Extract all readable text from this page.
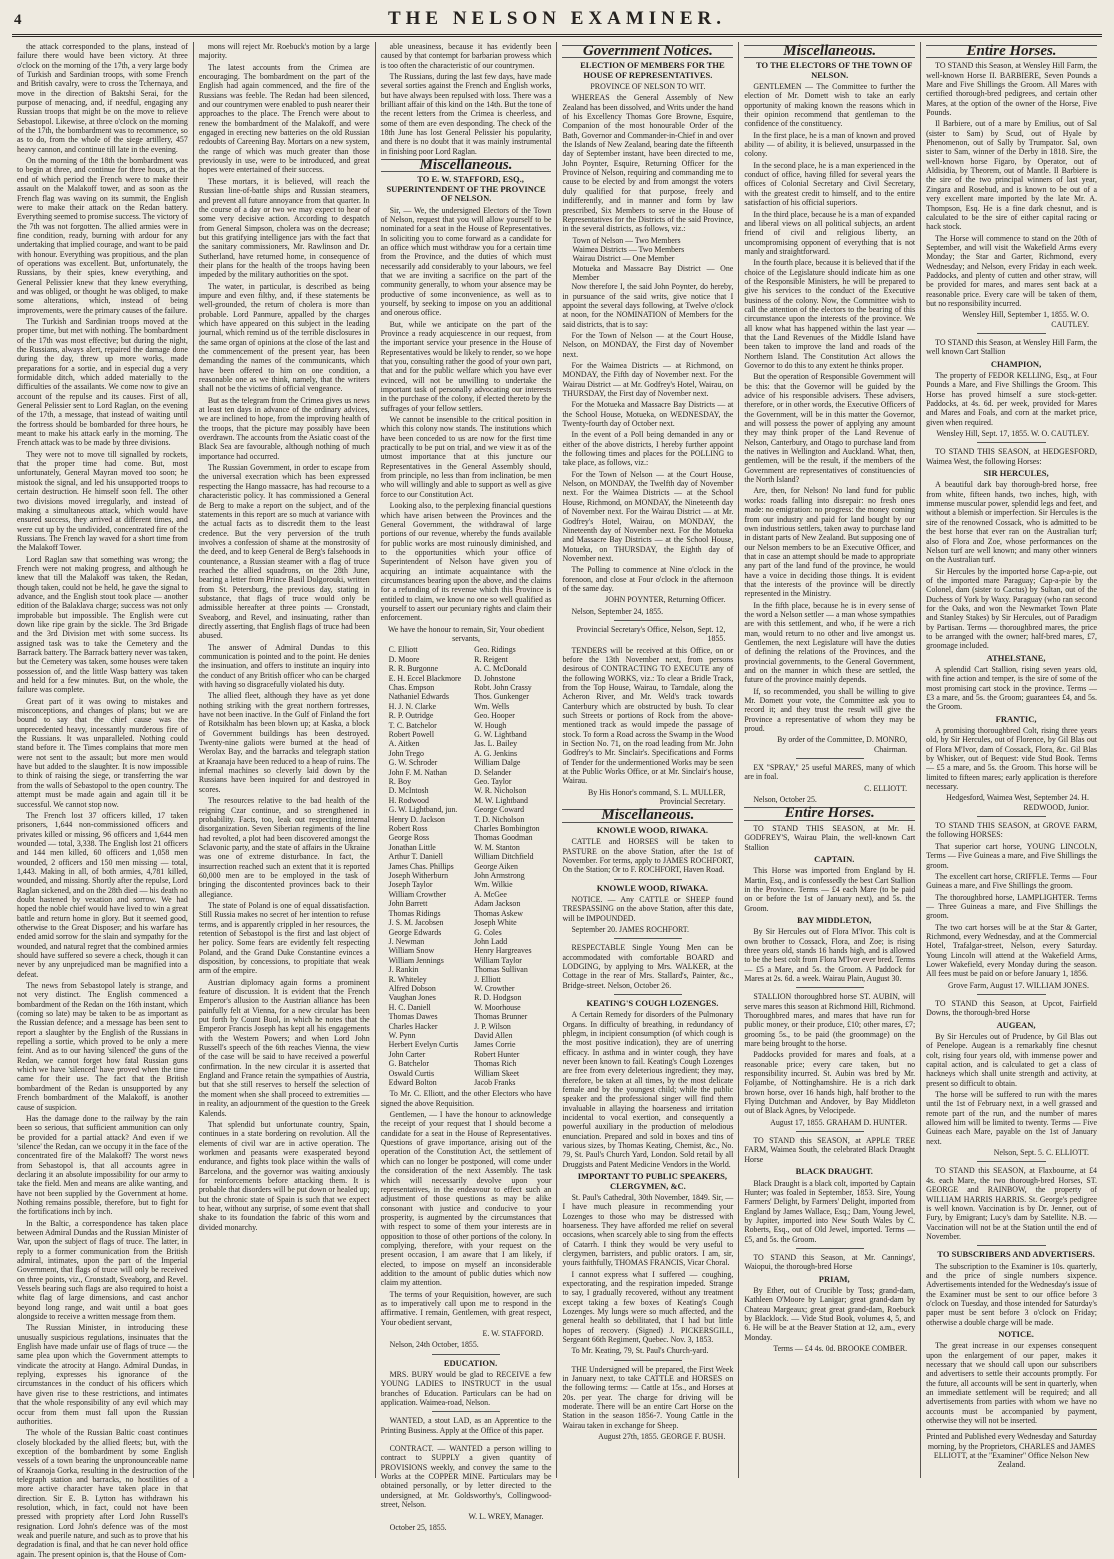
4	THE NELSON EXAMINER.

the attack corresponded to the plans, instead of failure there would have been victory. At three o'clock on the morning of the 17th, a very large body of Turkish and Sardinian troops, with some French and British cavalry, were to cross the Tchernaya, and move in the direction of Baktshi Serai, for the purpose of menacing, and, if needful, engaging any Russian troops that might be on the move to relieve Sebastopol. Likewise, at three o'clock on the morning of the 17th, the bombardment was to recommence, so as to do, from the whole of the siege artillery, 457 heavy cannon, and continue till late in the evening.

On the morning of the 18th the bombardment was to begin at three, and continue for three hours, at the end of which period the French were to make their assault on the Malakoff tower, and as soon as the French flag was waving on its summit, the English were to make their attack on the Redan battery. Everything seemed to promise success. The victory of the 7th was not forgotten. The allied armies were in fine condition, ready, burning with ardour for any undertaking that implied courage, and want to be paid with honour. Everything was propitious, and the plan of operations was excellent. But, unfortunately, the Russians, by their spies, knew everything, and General Pelissier knew that they knew everything, and was obliged, or thought he was obliged, to make some alterations, which, instead of being improvements, were the primary causes of the failure.

The Turkish and Sardinian troops moved at the proper time, but met with nothing. The bombardment of the 17th was most effective; but during the night, the Russians, always alert, repaired the damage done during the day, threw up more works, made preparations for a sortie, and in especial dug a very formidable ditch, which added materially to the difficulties of the assailants. We come now to give an account of the repulse and its causes. First of all, General Pelissier sent to Lord Raglan, on the evening of the 17th, a message, that instead of waiting until the fortress should be bombarded for three hours, he meant to make his attack early in the morning. The French attack was to be made by three divisions.

They were not to move till signalled by rockets, that the proper time had come. But, most unfortunately, General Mayran moved too soon; he mistook the signal, and led his unsupported troops to certain destruction. He himself soon fell. The other two divisions moved irregularly, and instead of making a simultaneous attack, which would have ensured success, they arrived at different times, and were cut up by the undivided, concentrated fire of the Russians. The French lay waved for a short time from the Malakoff Tower.

Lord Raglan saw that something was wrong; the French were not making progress, and although he knew that till the Malakoff was taken, the Redan, though taken, could not be held, he gave the signal to advance, and the English stout took place — another edition of the Balaklava charge; success was not only improbable but impossible. The English were cut down like ripe grain by the sickle. The 3rd Brigade and the 3rd Division met with some success. Its assigned task was to take the Cemetery and the Barrack battery. The Barrack battery never was taken, but the Cemetery was taken, some houses were taken possession of, and the little Wasp battery was taken and held for a few minutes. But, on the whole, the failure was complete.

Great part of it was owing to mistakes and misconceptions, and changes of plans; but we are bound to say that the chief cause was the unprecedented heavy, incessantly murderous fire of the Russians. It was unparalleled. Nothing could stand before it. The Times complains that more men were not sent to the assault; but more men would have but added to the slaughter. It is now impossible to think of raising the siege, or transferring the war from the walls of Sebastopol to the open country. The attempt must be made again and again till it be successful. We cannot stop now.

The French lost 37 officers killed, 17 taken prisoners, 1,644 non-commissioned officers and privates killed or missing, 96 officers and 1,644 men wounded — total, 3,338. The English lost 21 officers and 144 men killed, 60 officers and 1,058 men wounded, 2 officers and 150 men missing — total, 1,443. Making in all, of both armies, 4,781 killed, wounded, and missing. Shortly after the repulse, Lord Raglan sickened, and on the 28th died — his death no doubt hastened by vexation and sorrow. We had hoped the noble chief would have lived to win a great battle and return home in glory. But it seemed good, otherwise to the Great Disposer; and his warfare has ended amid sorrow for the slain and sympathy for the wounded, and natural regret that the combined armies should have suffered so severe a check, though it can never by any unprejudiced man be magnified into a defeat.

The news from Sebastopol lately is strange, and not very distinct. The English commenced a bombardment of the Redan on the 16th instant, which (coming so late) may be taken to be as important as the Russian defence; and a message has been sent to report a slaughter by the English of the Russians in repelling a sortie, which proved to be only a mere feint. And as to our having 'silenced' the guns of the Redan, we cannot forget how fatal Russian guns which we have 'silenced' have proved when the time came for their use. The fact that the British bombardment of the Redan is unsupported by any French bombardment of the Malakoff, is another cause of suspicion.

Has the damage done to the railway by the rain been so serious, that sufficient ammunition can only be provided for a partial attack? And even if we 'silence' the Redan, can we occupy it in the face of the concentrated fire of the Malakoff? The worst news from Sebastopol is, that all accounts agree in declaring it an absolute impossibility for our army to take the field. Men and means are alike wanting, and have not been supplied by the Government at home. Nothing remains possible, therefore, but to fight for the fortifications inch by inch.

In the Baltic, a correspondence has taken place between Admiral Dundas and the Russian Minister of War, upon the subject of flags of truce. The latter, in reply to a former communication from the British admiral, intimates, upon the part of the Imperial Government, that flags of truce will only be received on three points, viz., Cronstadt, Sveaborg, and Revel. Vessels bearing such flags are also required to hoist a white flag of large dimensions, and cast anchor beyond long range, and wait until a boat goes alongside to receive a written message from them.

The Russian Minister, in introducing these unusually suspicious regulations, insinuates that the English have made unfair use of flags of truce — the same plea upon which the Government attempts to vindicate the atrocity at Hango. Admiral Dundas, in replying, expresses his ignorance of the circumstances in the conduct of his officers which have given rise to these restrictions, and intimates that the whole responsibility of any evil which may occur from them must fall upon the Russian authorities.

The whole of the Russian Baltic coast continues closely blockaded by the allied fleets; but, with the exception of the bombardment by some English vessels of a town bearing the unpronounceable name of Kraanoja Gorka, resulting in the destruction of the telegraph station and barracks, no hostilities of a more active character have taken place in that direction. Sir E. B. Lytton has withdrawn his resolution, which, in fact, could not have been pressed with propriety after Lord John Russell's resignation. Lord John's defence was of the most weak and puerile nature, and such as to prove that his degradation is final, and that he can never hold office again. The present opinion is, that the House of Com-

mons will reject Mr. Roebuck's motion by a large majority.

The latest accounts from the Crimea are encouraging. The bombardment on the part of the English had again commenced, and the fire of the Russians was feeble. The Redan had been silenced, and our countrymen were enabled to push nearer their approaches to the place. The French were about to renew the bombardment of the Malakoff, and were engaged in erecting new batteries on the old Russian redoubts of Careening Bay. Mortars on a new system, the range of which was much greater than those previously in use, were to be introduced, and great hopes were entertained of their success.

These mortars, it is believed, will reach the Russian line-of-battle ships and Russian steamers, and prevent all future annoyance from that quarter. In the course of a day or two we may expect to hear of some very decisive action. According to despatch from General Simpson, cholera was on the decrease; but this gratifying intelligence jars with the fact that the sanitary commissioners, Mr. Rawlinson and Dr. Sutherland, have returned home, in consequence of their plans for the health of the troops having been impeded by the military authorities on the spot.

The water, in particular, is described as being impure and even filthy, and, if these statements be well-grounded, the return of cholera is more than probable. Lord Panmure, appalled by the charges which have appeared on this subject in the leading journal, which remind us of the terrible disclosures in the same organ of opinions at the close of the last and the commencement of the present year, has been demanding the names of the communicants, which have been offered to him on one condition, a reasonable one as we think, namely, that the writers shall not be the victims of official vengeance.

But as the telegram from the Crimea gives us news at least ten days in advance of the ordinary advices, we are inclined to hope, from the improving health of the troops, that the picture may possibly have been overdrawn. The accounts from the Asiatic coast of the Black Sea are favourable, although nothing of much importance had occurred.

The Russian Government, in order to escape from the universal execration which has been expressed respecting the Hango massacre, has had recourse to a characteristic policy. It has commissioned a General de Berg to make a report on the subject, and of the statements in this report are so much at variance with the actual facts as to discredit them to the least credence. But the very perversion of the truth involves a confession of shame at the monstrosity of the deed, and to keep General de Berg's falsehoods in countenance, a Russian steamer with a flag of truce reached the allied squadrons, on the 28th June, bearing a letter from Prince Basil Dolgorouki, written from St. Petersburg, the previous day, stating in substance, that flags of truce would only be admissible hereafter at three points — Cronstadt, Sveaborg, and Revel, and insinuating, rather than directly asserting, that English flags of truce had been abused.

The answer of Admiral Dundas to this communication is pointed and to the point. He denies the insinuation, and offers to institute an inquiry into the conduct of any British officer who can be charged with having so disgracefully violated his duty.

The allied fleet, although they have as yet done nothing striking with the great northern fortresses, have not been inactive. In the Gulf of Finland the fort of Rotsikhalm has been blown up; at Kaska, a block of Government buildings has been destroyed. Twenty-nine galiots were burned at the head of Werolax Bay, and the barracks and telegraph station at Kraanaja have been reduced to a heap of ruins. The infernal machines so cleverly laid down by the Russians have been inquired for and destroyed in scores.

The resources relative to the bad health of the reigning Czar continue, and so strengthened in probability. Facts, too, leak out respecting internal disorganization. Seven Siberian regiments of the line had revolted, a plot had been discovered amongst the Sclavonic party, and the state of affairs in the Ukraine was one of extreme disturbance. In fact, the insurrection reached such an extent that it is reported 60,000 men are to be employed in the task of bringing the discontented provinces back to their allegiance.

The state of Poland is one of equal dissatisfaction. Still Russia makes no secret of her intention to refuse terms, and is apparently crippled in her resources, the retention of Sebastopol is the first and last object of her policy. Some fears are evidently felt respecting Poland, and the Grand Duke Constantine evinces a disposition, by concessions, to propitiate that weak arm of the empire.

Austrian diplomacy again forms a prominent feature of discussion. It is evident that the French Emperor's allusion to the Austrian alliance has been painfully felt at Vienna, for a new circular has been put forth by Count Buol, in which he notes that the Emperor Francis Joseph has kept all his engagements with the Western Powers; and when Lord John Russell's speech of the 6th reaches Vienna, the view of the case will be said to have received a powerful confirmation. In the new circular it is asserted that England and France retain the sympathies of Austria, but that she still reserves to herself the selection of the moment when she shall proceed to extremities — in reality, an adjournment of the question to the Greek Kalends.

That splendid but unfortunate country, Spain, continues in a state bordering on revolution. All the elements of civil war are in active operation. The workmen and peasants were exasperated beyond endurance, and fights took place within the walls of Barcelona, and the governor was waiting anxiously for reinforcements before attacking them. It is probable that disorders will be put down or healed up; but the chronic state of Spain is such that we expect to hear, without any surprise, of some event that shall shake to its foundation the fabric of this worn and divided monarchy.

able uneasiness, because it has evidently been caused by that contempt for barbarian prowess which is too often the characteristic of our countrymen.

The Russians, during the last few days, have made several sorties against the French and English works, but have always been repulsed with loss. There was a brilliant affair of this kind on the 14th. But the tone of the recent letters from the Crimea is cheerless, and some of them are even desponding. The check of the 18th June has lost General Pelissier his popularity, and there is no doubt that it was mainly instrumental in finishing poor Lord Raglan.

Miscellaneous.

TO E. W. STAFFORD, ESQ., SUPERINTENDENT OF THE PROVINCE OF NELSON.

Sir, — We, the undersigned Electors of the Town of Nelson, request that you will allow yourself to be nominated for a seat in the House of Representatives. In soliciting you to come forward as a candidate for an office which must withdraw you for a certain time from the Province, and the duties of which must necessarily add considerably to your labours, we feel that we are inviting a sacrifice on the part of the community generally, to whom your absence may be productive of some inconvenience, as well as to yourself, by seeking to impose on you an additional and onerous office.

But, while we anticipate on the part of the Province a ready acquiescence in our request, from the important service your presence in the House of Representatives would be likely to render, so we hope that you, consulting rather the good of your own part, that and for the public welfare which you have ever evinced, will not be unwilling to undertake the important task of personally advocating our interests in the purchase of the colony, if elected thereto by the suffrages of your fellow settlers.

We cannot be insensible to the critical position in which this colony now stands. The institutions which have been conceded to us are now for the first time practically to be put on trial, and we view it as of the utmost importance that at this juncture our Representatives in the General Assembly should, from principle, no less than from inclination, be men who will willingly and able to support as well as give force to our Constitution Act.

Looking also, to the perplexing financial questions which have arisen between the Provinces and the General Government, the withdrawal of large portions of our revenue, whereby the funds available for public works are most ruinously diminished, and to the opportunities which your office of Superintendent of Nelson have given you of acquiring an intimate acquaintance with the circumstances bearing upon the above, and the claims for a refunding of its revenue which this Province is entitled to claim, we know no one so well qualified as yourself to assert our pecuniary rights and claim their enforcement.

We have the honour to remain, Sir, Your obedient servants,

C. Elliott	Geo. Ridings
D. Moore	R. Reigent
R. R. Burgonne	A. C. McDonald
E. H. Eccel Blackmore	D. Johnstone
Chas. Empson	Robt. John Crassy
Nathaniel Edwards	Thos. Gunkenger
H. J. N. Clarke	Wm. Wells
R. P. Outridge	Geo. Hooper
T. C. Batchelor	W. Hough
Robert Powell	G. W. Lightband
A. Aitken	Jas. L. Bailey
John Trego	A. G. Jenkins
G. W. Schroder	William Dalge
John F. M. Nathan	D. Selander
R. Boy	Geo. Taylor
D. McIntosh	W. R. Nicholson
H. Rodwood	M. W. Lightband
G. W. Lightband, jun.	George Coward
Henry D. Jackson	T. D. Nicholson
Robert Ross	Charles Bombington
George Ross	Thomas Goodman
Jonathan Little	W. M. Stanton
Arthur T. Daniell	William Ditchfield
James Chas. Phillips	George Aiken
Joseph Witherburn	John Armstrong
Joseph Taylor	Wm. Wilkie
William Crowther	A. McGee
John Barrett	Adam Jackson
Thomas Ridings	Thomas Askew
J. S. M. Jacobsen	Joseph White
George Edwards	G. Coles
J. Newman	John Ladd
William Snow	Henry Hargreaves
William Jennings	William Taylor
J. Rankin	Thomas Sullivan
R. Whiteley	J. Elliott
Alfred Dobson	W. Crowther
Vaughan Jones	R. D. Hodgson
H. C. Daniell	W. Moorhouse
Thomas Dawes	Thomas Brunner
Charles Hacker	J. P. Wilson
W. Pynn	David Allen
Herbert Evelyn Curtis	James Corrie
John Carter	Robert Hunter
G. Batchelor	Thomas Rich
Oswald Curtis	William Skeet
Edward Bolton	Jacob Franks

To Mr. C. Elliott, and the other Electors who have signed the above Requisition.

Gentlemen, — I have the honour to acknowledge the receipt of your request that I should become a candidate for a seat in the House of Representatives. Questions of grave importance, arising out of the operation of the Constitution Act, the settlement of which can no longer be postponed, will come under the consideration of the next Assembly. The task which will necessarily devolve upon your representatives, in the endeavour to effect such an adjustment of those questions as may be alike consonant with justice and conducive to your prosperity, is augmented by the circumstances that with respect to some of them your interests are in opposition to those of other portions of the colony. In complying, therefore, with your request on the present occasion, I am aware that I am likely, if elected, to impose on myself an inconsiderable addition to the amount of public duties which now claim my attention.

The terms of your Requisition, however, are such as to imperatively call upon me to respond in the affirmative. I remain, Gentlemen, with great respect, Your obedient servant,

E. W. STAFFORD.

Nelson, 24th October, 1855.

EDUCATION.

MRS. BURY would be glad to RECEIVE a few YOUNG LADIES to INSTRUCT in the usual branches of Education. Particulars can be had on application. Waimea-road, Nelson.

WANTED, a stout LAD, as an Apprentice to the Printing Business. Apply at the Office of this paper.

CONTRACT. — WANTED a person willing to contract to SUPPLY a given quantity of PROVISIONS weekly, and convey the same to the Works at the COPPER MINE. Particulars may be obtained personally, or by letter directed to the undersigned, at Mr. Goldsworthy's, Collingwood-street, Nelson.

W. L. WREY, Manager.

October 25, 1855.

Government Notices.

ELECTION OF MEMBERS FOR THE HOUSE OF REPRESENTATIVES.

PROVINCE OF NELSON TO WIT.

WHEREAS the General Assembly of New Zealand has been dissolved, and Writs under the hand of his Excellency Thomas Gore Browne, Esquire, Companion of the most honourable Order of the Bath, Governor and Commander-in-Chief in and over the Islands of New Zealand, bearing date the fifteenth day of September instant, have been directed to me, John Poynter, Esquire, Returning Officer for the Province of Nelson, requiring and commanding me to cause to be elected by and from amongst the voters duly qualified for that purpose, freely and indifferently, and in manner and form by law prescribed, Six Members to serve in the House of Representatives for the Districts of the said Province, in the several districts, as follows, viz.:

Town of Nelson — Two Members
Waimea Districts — Two Members
Wairau District — One Member
Motueka and Massacre Bay District — One Member

Now therefore I, the said John Poynter, do hereby, in pursuance of the said writs, give notice that I appoint the several days following, at Twelve o'clock at noon, for the NOMINATION of Members for the said districts, that is to say:

For the Town of Nelson — at the Court House, Nelson, on MONDAY, the First day of November next.

For the Waimea Districts — at Richmond, on MONDAY, the Fifth day of November next. For the Wairau District — at Mr. Godfrey's Hotel, Wairau, on THURSDAY, the First day of November next.

For the Motueka and Massacre Bay Districts — at the School House, Motueka, on WEDNESDAY, the Twenty-fourth day of October next.

In the event of a Poll being demanded in any or either of the above districts, I hereby further appoint the following times and places for the POLLING to take place, as follows, viz.:

For the Town of Nelson — at the Court House, Nelson, on MONDAY, the Twelfth day of November next. For the Waimea Districts — at the School House, Richmond, on MONDAY, the Nineteenth day of November next. For the Wairau District — at Mr. Godfrey's Hotel, Wairau, on MONDAY, the Nineteenth day of November next. For the Motueka and Massacre Bay Districts — at the School House, Motueka, on THURSDAY, the Eighth day of November next.

The Polling to commence at Nine o'clock in the forenoon, and close at Four o'clock in the afternoon of the same day.

JOHN POYNTER, Returning Officer.

Nelson, September 24, 1855.

Provincial Secretary's Office, Nelson, Sept. 12, 1855.

TENDERS will be received at this Office, on or before the 13th November next, from persons desirous of CONTRACTING TO EXECUTE any of the following WORKS, viz.: To clear a Bridle Track, from the Top House, Wairau, to Tarndale, along the Acheron River, and Mr. Weld's track towards Canterbury which are obstructed by bush. To clear such Streets or portions of Rock from the above-mentioned track as would impede the passage of stock. To form a Road across the Swamp in the Wood in Section No. 71, on the road leading from Mr. John Godfrey's to Mr. Sinclair's. Specifications and Forms of Tender for the undermentioned Works may be seen at the Public Works Office, or at Mr. Sinclair's house, Wairau.

By His Honor's command, S. L. MULLER, Provincial Secretary.

Miscellaneous.

KNOWLE WOOD, RIWAKA.

CATTLE and HORSES will be taken to PASTURE on the above Station, after the 1st of November. For terms, apply to JAMES ROCHFORT, On the Station; Or to F. ROCHFORT, Haven Road.

KNOWLE WOOD, RIWAKA.

NOTICE. — Any CATTLE or SHEEP found TRESPASSING on the above Station, after this date, will be IMPOUNDED.

September 20. JAMES ROCHFORT.

RESPECTABLE Single Young Men can be accommodated with comfortable BOARD and LODGING, by applying to Mrs. WALKER, at the Cottage in the rear of Mrs. Stallard's, Painter, &c., Bridge-street. Nelson, October 26.

KEATING'S COUGH LOZENGES.

A Certain Remedy for disorders of the Pulmonary Organs. In difficulty of breathing, in redundancy of phlegm, in incipient consumption (of which cough is the most positive indication), they are of unerring efficacy. In asthma and in winter cough, they have never been known to fail. Keating's Cough Lozenges are free from every deleterious ingredient; they may, therefore, be taken at all times, by the most delicate female and by the youngest child; while the public speaker and the professional singer will find them invaluable in allaying the hoarseness and irritation incidental to vocal exertion, and consequently a powerful auxiliary in the production of melodious enunciation. Prepared and sold in boxes and tins of various sizes, by Thomas Keating, Chemist, &c., No. 79, St. Paul's Church Yard, London. Sold retail by all Druggists and Patent Medicine Vendors in the World.

IMPORTANT TO PUBLIC SPEAKERS, CLERGYMEN, &C.

St. Paul's Cathedral, 30th November, 1849. Sir, — I have much pleasure in recommending your Lozenges to those who may be distressed with hoarseness. They have afforded me relief on several occasions, when scarcely able to sing from the effects of Catarrh. I think they would be very useful to clergymen, barristers, and public orators. I am, sir, yours faithfully, THOMAS FRANCIS, Vicar Choral.

I cannot express what I suffered — coughing, expectorating, and the respiration impeded. Strange to say, I gradually recovered, without any treatment except taking a few boxes of Keating's Cough Lozenges. My lungs were so much affected, and the general health so debilitated, that I had but little hopes of recovery. (Signed) J. PICKERSGILL, Sergeant 66th Regiment, Quebec. Nov. 3, 1853.

To Mr. Keating, 79, St. Paul's Church-yard.

THE Undersigned will be prepared, the First Week in January next, to take CATTLE and HORSES on the following terms: — Cattle at 15s., and Horses at 20s. per year. The charge for driving will be moderate. There will be an entire Cart Horse on the Station in the season 1856-7. Young Cattle in the Wairau taken in exchange for Sheep.

August 27th, 1855. GEORGE F. BUSH.

Miscellaneous.

TO THE ELECTORS OF THE TOWN OF NELSON.

GENTLEMEN — The Committee to further the election of Mr. Domett wish to take an early opportunity of making known the reasons which in their opinion recommend that gentleman to the confidence of the constituency.

In the first place, he is a man of known and proved ability — of ability, it is believed, unsurpassed in the colony.

In the second place, he is a man experienced in the conduct of office, having filled for several years the offices of Colonial Secretary and Civil Secretary, with the greatest credit to himself, and to the entire satisfaction of his official superiors.

In the third place, because he is a man of expanded and liberal views on all political subjects, an ardent friend of civil and religious liberty, an uncompromising opponent of everything that is not manly and straightforward.

In the fourth place, because it is believed that if the choice of the Legislature should indicate him as one of the Responsible Ministers, he will be prepared to give his services to the conduct of the Executive business of the colony. Now, the Committee wish to call the attention of the electors to the bearing of this circumstance upon the interests of the province. We all know what has happened within the last year — that the Land Revenues of the Middle Island have been taken to improve the land and roads of the Northern Island. The Constitution Act allows the Governor to do this to any extent he thinks proper.

But the operation of Responsible Government will be this: that the Governor will be guided by the advice of his responsible advisers. These advisers, therefore, or in other words, the Executive Officers of the Government, will be in this matter the Governor, and will possess the power of applying any amount they may think proper of the Land Revenue of Nelson, Canterbury, and Otago to purchase land from the natives in Wellington and Auckland. What, then, gentlemen, will be the result, if the members of the Government are representatives of constituencies of the North Island?

Are, then, for Nelson! No land fund for public works: roads falling into disrepair: no fresh ones made: no emigration: no progress: the money coming from our industry and paid for land bought by our own industrious settlers, taken away to purchase land in distant parts of New Zealand. But supposing one of our Nelson members to be an Executive Officer, and that in case an attempt should be made to appropriate any part of the land fund of the province, he would have a voice in deciding those things. It is evident that the interests of the province will be directly represented in the Ministry.

In the fifth place, because he is in every sense of the word a Nelson settler — a man whose sympathies are with this settlement, and who, if he were a rich man, would return to no other and live amongst us. Gentlemen, the next Legislature will have the duties of defining the relations of the Provinces, and the provincial governments, to the General Government, and on the manner in which these are settled, the future of the province mainly depends.

If, so recommended, you shall be willing to give Mr. Domett your vote, the Committee ask you to record it; and they trust the result will give the Province a representative of whom they may be proud.

By order of the Committee, D. MONRO, Chairman.

EX "SPRAY," 25 useful MARES, many of which are in foal.

C. ELLIOTT.

Nelson, October 25.

Entire Horses.

TO STAND THIS SEASON, at Mr. H. GODFREY'S, Wairau Plain, the well-known Cart Stallion

CAPTAIN.

This Horse was imported from England by H. Martin, Esq., and is confessedly the best Cart Stallion in the Province. Terms — £4 each Mare (to be paid on or before the 1st of January next), and 5s. the Groom.

BAY MIDDLETON,

By Sir Hercules out of Flora M'Ivor. This colt is own brother to Cossack, Flora, and Zoe; is rising three years old, stands 16 hands high, and is allowed to be the best colt from Flora M'Ivor ever bred. Terms — £5 a Mare, and 5s. the Groom. A Paddock for Mares at 2s. 6d. a week. Wairau Plain, August 30.

STALLION thoroughbred horse ST. AUBIN, will serve mares this season at Richmond Hill, Richmond. Thoroughbred mares, and mares that have run for public money, or their produce, £10; other mares, £7; grooming 5s., to be paid (the groommage) on the mare being brought to the horse.

Paddocks provided for mares and foals, at a reasonable price; every care taken, but no responsibility incurred. St. Aubin was bred by Mr. Foljambe, of Nottinghamshire. He is a rich dark brown horse, over 16 hands high, half brother to the Flying Dutchman and Andover, by Bay Middleton out of Black Agnes, by Velocipede.

August 17, 1855. GRAHAM D. HUNTER.

TO STAND this SEASON, at APPLE TREE FARM, Waimea South, the celebrated Black Draught Horse

BLACK DRAUGHT.

Black Draught is a black colt, imported by Captain Hunter; was foaled in September, 1853. Sire, Young Farmers' Delight, by Farmers' Delight, imported from England by James Wallace, Esq.; Dam, Young Jewel, by Jupiter, imported into New South Wales by C. Roberts, Esq., out of Old Jewel, imported. Terms — £5, and 5s. the Groom.

TO STAND this Season, at Mr. Cannings', Waiopui, the thorough-bred Horse

PRIAM,

By Ether, out of Crucible by Toss; grand-dam, Kathleen O'Moore by Lanigar; great grand-dam by Chateau Margeaux; great great grand-dam, Roebuck by Blacklock. — Vide Stud Book, volumes 4, 5, and 6. He will be at the Beaver Station at 12, a.m., every Monday.

Terms — £4 4s. 0d. BROOKE COMBER.

Entire Horses.

TO STAND this Season, at Wensley Hill Farm, the well-known Horse II. BARBIERE, Seven Pounds a Mare and Five Shillings the Groom. All Mares with certified thorough-bred pedigrees, and certain other Mares, at the option of the owner of the Horse, Five Pounds.

Il Barbiere, out of a mare by Emilius, out of Sal (sister to Sam) by Scud, out of Hyale by Phenomenon, out of Sally by Trumpator. Sal, own sister to Sam, winner of the Derby in 1818. Sire, the well-known horse Figaro, by Operator, out of Aldisidia, by Theorem, out of Mantle. Il Barbiere is the sire of the two principal winners of last year, Zingara and Rosebud, and is known to be out of a very excellent mare imported by the late Mr. A. Thompson, Esq. He is a fine dark chesnut, and is calculated to be the sire of either capital racing or hack stock.

The Horse will commence to stand on the 20th of September, and will visit the Wakefield Arms every Monday; the Star and Garter, Richmond, every Wednesday; and Nelson, every Friday in each week. Paddocks, and plenty of cutten and other straw, will be provided for mares, and mares sent back at a reasonable price. Every care will be taken of them, but no responsibility incurred.

Wensley Hill, September 1, 1855. W. O. CAUTLEY.

TO STAND this Season, at Wensley Hill Farm, the well known Cart Stallion

CHAMPION,

The property of FEDOR KELLING, Esq., at Four Pounds a Mare, and Five Shillings the Groom. This Horse has proved himself a sure stock-getter. Paddocks, at 4s. 6d. per week, provided for Mares and Mares and Foals, and corn at the market price, given when required.

Wensley Hill, Sept. 17, 1855. W. O. CAUTLEY.

TO STAND THIS SEASON, at HEDGESFORD, Waimea West, the following Horses:

SIR HERCULES,

A beautiful dark bay thorough-bred horse, free from white, fifteen hands, two inches, high, with immense muscular power, splendid legs and feet, and without a blemish or imperfection. Sir Hercules is the sire of the renowned Cossack, who is admitted to be the best horse that ever ran on the Australian turf; also of Flora and Zoe, whose performances on the Nelson turf are well known; and many other winners on the Australian turf.

Sir Hercules by the imported horse Cap-a-pie, out of the imported mare Paraguay; Cap-a-pie by the Colonel, dam (sister to Cactus) by Sultan, out of the Duchess of York by Waxy. Paraguay (who ran second for the Oaks, and won the Newmarket Town Plate and Stanley Stakes) by Sir Hercules, out of Paradigm by Partisan. Terms — thoroughbred mares, the price to be arranged with the owner; half-bred mares, £7, groomage included.

ATHELSTANE,

A splendid Cart Stallion, rising seven years old, with fine action and temper, is the sire of some of the most promising cart stock in the province. Terms — £3 a mare, and 5s. the Groom; guarantees £4, and 5s. the Groom.

FRANTIC,

A promising thoroughbred Colt, rising three years old, by Sir Hercules, out of Florence, by Gil Blas out of Flora M'Ivor, dam of Cossack, Flora, &c. Gil Blas by Whisker, out of Bequest: vide Stud Book. Terms — £5 a mare, and 5s. the Groom. This horse will be limited to fifteen mares; early application is therefore necessary.

Hedgesford, Waimea West, September 24. H. REDWOOD, Junior.

TO STAND THIS SEASON, at GROVE FARM, the following HORSES:

That superior cart horse, YOUNG LINCOLN, Terms — Five Guineas a mare, and Five Shillings the groom.

The excellent cart horse, CRIFFLE. Terms — Four Guineas a mare, and Five Shillings the groom.

The thoroughbred horse, LAMPLIGHTER. Terms — Three Guineas a mare, and Five Shillings the groom.

The two cart horses will be at the Star & Garter, Richmond, every Wednesday, and at the Commercial Hotel, Trafalgar-street, Nelson, every Saturday. Young Lincoln will attend at the Wakefield Arms, Lower Wakefield, every Monday during the season. All fees must be paid on or before January 1, 1856.

Grove Farm, August 17. WILLIAM JONES.

TO STAND this Season, at Upcot, Fairfield Downs, the thorough-bred Horse

AUGEAN,

By Sir Hercules out of Prudence, by Gil Blas out of Penelope. Augean is a remarkably fine chesnut colt, rising four years old, with immense power and capital action, and is calculated to get a class of hackneys which shall unite strength and activity, at present so difficult to obtain.

The horse will be suffered to run with the mares until the 1st of February next, in a well grassed and remote part of the run, and the number of mares allowed him will be limited to twenty. Terms — Five Guineas each Mare, payable on the 1st of January next.

Nelson, Sept. 5. C. ELLIOTT.

TO STAND this SEASON, at Flaxbourne, at £4 4s. each Mare, the two thorough-bred Horses, ST. GEORGE and RAINBOW, the property of WILLIAM HARRIS HARRIS. St. George's pedigree is well known. Vaccination is by Dr. Jenner, out of Fury, by Emigrant; Lucy's dam by Satellite. N.B. — Vaccination will not be at the Station until the end of November.

TO SUBSCRIBERS AND ADVERTISERS.

The subscription to the Examiner is 10s. quarterly, and the price of single numbers sixpence. Advertisements intended for the Wednesday's issue of the Examiner must be sent to our office before 3 o'clock on Tuesday, and those intended for Saturday's paper must be sent before 3 o'clock on Friday; otherwise a double charge will be made.

NOTICE.

The great increase in our expenses consequent upon the enlargement of our paper, makes it necessary that we should call upon our subscribers and advertisers to settle their accounts promptly. For the future, all accounts will be sent in quarterly, when an immediate settlement will be required; and all advertisements from parties with whom we have no accounts must be accompanied by payment, otherwise they will not be inserted.

Printed and Published every Wednesday and Saturday morning, by the Proprietors, CHARLES and JAMES ELLIOTT, at the "Examiner" Office Nelson New Zealand.
